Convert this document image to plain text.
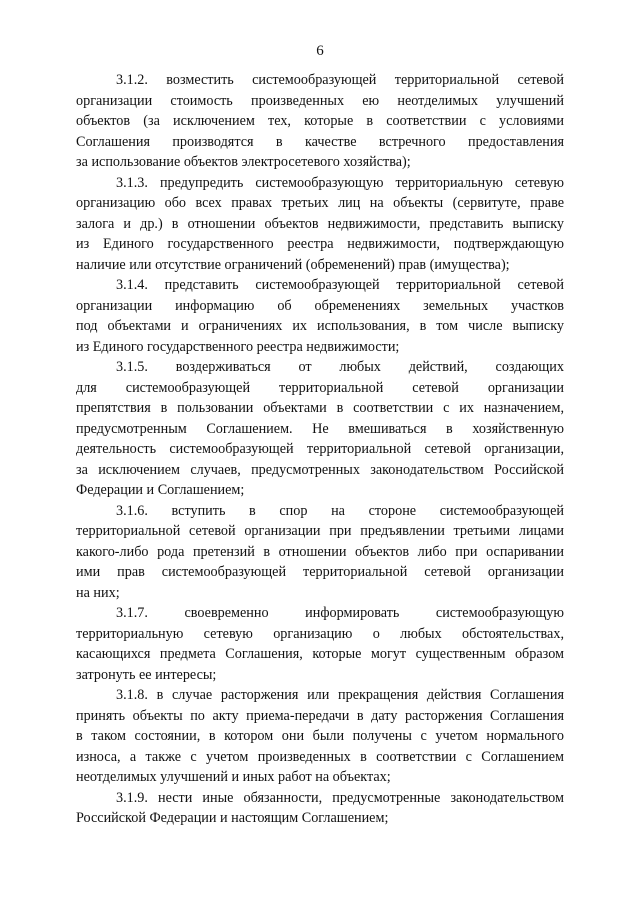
6
3.1.2. возместить системообразующей территориальной сетевой
организации стоимость произведенных ею неотделимых улучшений
объектов (за исключением тех, которые в соответствии с условиями
Соглашения производятся в качестве встречного предоставления
за использование объектов электросетевого хозяйства);
3.1.3. предупредить системообразующую территориальную сетевую
организацию обо всех правах третьих лиц на объекты (сервитуте, праве
залога и др.) в отношении объектов недвижимости, представить выписку
из Единого государственного реестра недвижимости, подтверждающую
наличие или отсутствие ограничений (обременений) прав (имущества);
3.1.4. представить системообразующей территориальной сетевой
организации информацию об обременениях земельных участков
под объектами и ограничениях их использования, в том числе выписку
из Единого государственного реестра недвижимости;
3.1.5. воздерживаться от любых действий, создающих
для системообразующей территориальной сетевой организации
препятствия в пользовании объектами в соответствии с их назначением,
предусмотренным Соглашением. Не вмешиваться в хозяйственную
деятельность системообразующей территориальной сетевой организации,
за исключением случаев, предусмотренных законодательством Российской
Федерации и Соглашением;
3.1.6. вступить в спор на стороне системообразующей
территориальной сетевой организации при предъявлении третьими лицами
какого-либо рода претензий в отношении объектов либо при оспаривании
ими прав системообразующей территориальной сетевой организации
на них;
3.1.7. своевременно информировать системообразующую
территориальную сетевую организацию о любых обстоятельствах,
касающихся предмета Соглашения, которые могут существенным образом
затронуть ее интересы;
3.1.8. в случае расторжения или прекращения действия Соглашения
принять объекты по акту приема-передачи в дату расторжения Соглашения
в таком состоянии, в котором они были получены с учетом нормального
износа, а также с учетом произведенных в соответствии с Соглашением
неотделимых улучшений и иных работ на объектах;
3.1.9. нести иные обязанности, предусмотренные законодательством
Российской Федерации и настоящим Соглашением;
